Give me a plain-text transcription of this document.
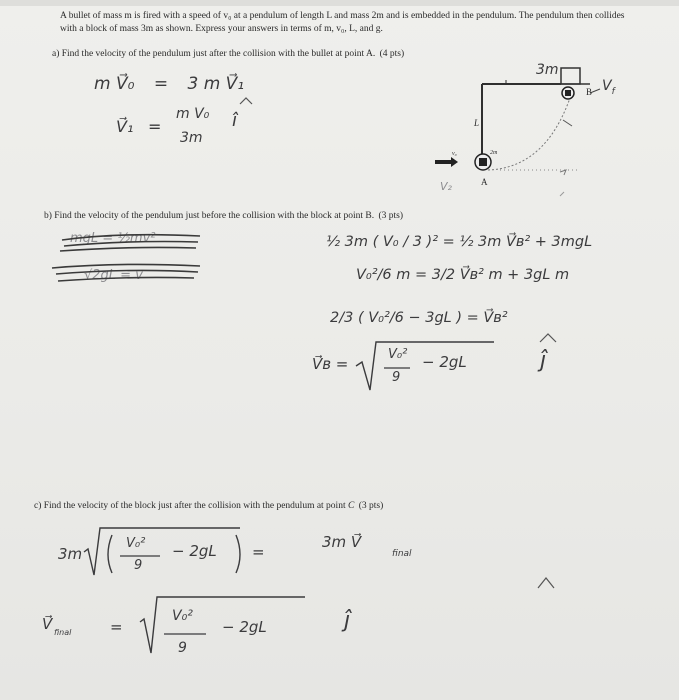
A bullet of mass m is fired with a speed of v₀ at a pendulum of length L and mass 2m and is embedded in the pendulum. The pendulum then collides with a block of mass 3m as shown. Express your answers in terms of m, v₀, L, and g.
a) Find the velocity of the pendulum just after the collision with the bullet at point A. (4 pts)
m V⃗₀ = 3 m V⃗₁
V⃗₁ =
m V₀
3m
î
3m
B
A
L
2m
v₀
$V_f$
V₂
b) Find the velocity of the pendulum just before the collision with the block at point B. (3 pts)
mgL = ½mv²
√2gL = v
½ 3m ( V₀ / 3 )² = ½ 3m V⃗ʙ² + 3mgL
V₀²/6 m = 3/2 V⃗ʙ² m + 3gL m
2/3 ( V₀²/6 − 3gL ) = V⃗ʙ²
V⃗ʙ =
V₀²
9
− 2gL	ĵ
c) Find the velocity of the block just after the collision with the pendulum at point C (3 pts)
3m
V₀²
9
− 2gL =
3m V⃗
final
V⃗ final	=
V₀²
9
− 2gL	ĵ
